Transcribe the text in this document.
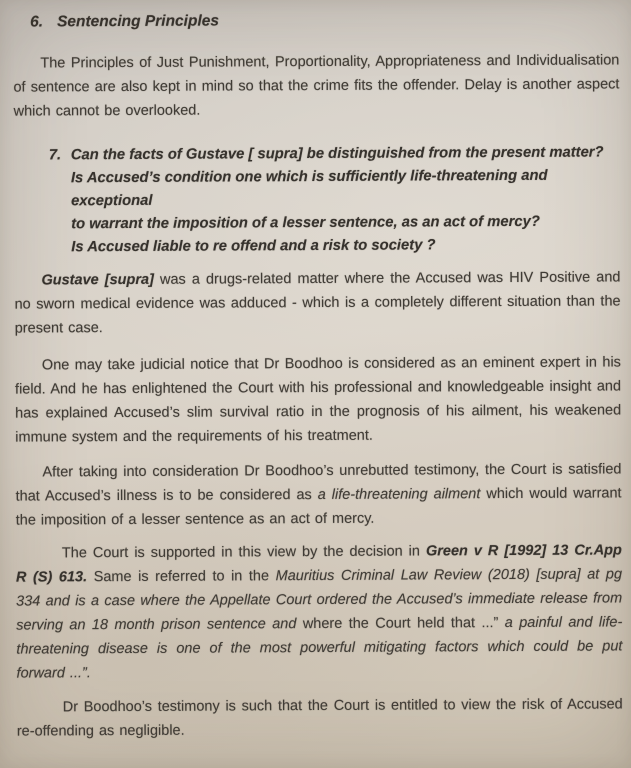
6. Sentencing Principles

The Principles of Just Punishment, Proportionality, Appropriateness and Individualisation of sentence are also kept in mind so that the crime fits the offender. Delay is another aspect which cannot be overlooked.

7. Can the facts of Gustave [ supra] be distinguished from the present matter?
Is Accused’s condition one which is sufficiently life-threatening and exceptional
to warrant the imposition of a lesser sentence, as an act of mercy?
Is Accused liable to re offend and a risk to society ?

Gustave [supra] was a drugs-related matter where the Accused was HIV Positive and no sworn medical evidence was adduced - which is a completely different situation than the present case.

One may take judicial notice that Dr Boodhoo is considered as an eminent expert in his field. And he has enlightened the Court with his professional and knowledgeable insight and has explained Accused’s slim survival ratio in the prognosis of his ailment, his weakened immune system and the requirements of his treatment.

After taking into consideration Dr Boodhoo’s unrebutted testimony, the Court is satisfied that Accused’s illness is to be considered as a life-threatening ailment which would warrant the imposition of a lesser sentence as an act of mercy.

The Court is supported in this view by the decision in Green v R [1992] 13 Cr.App R (S) 613. Same is referred to in the Mauritius Criminal Law Review (2018) [supra] at pg 334 and is a case where the Appellate Court ordered the Accused’s immediate release from serving an 18 month prison sentence and where the Court held that ...” a painful and life-threatening disease is one of the most powerful mitigating factors which could be put forward ...”.

Dr Boodhoo’s testimony is such that the Court is entitled to view the risk of Accused re-offending as negligible.
